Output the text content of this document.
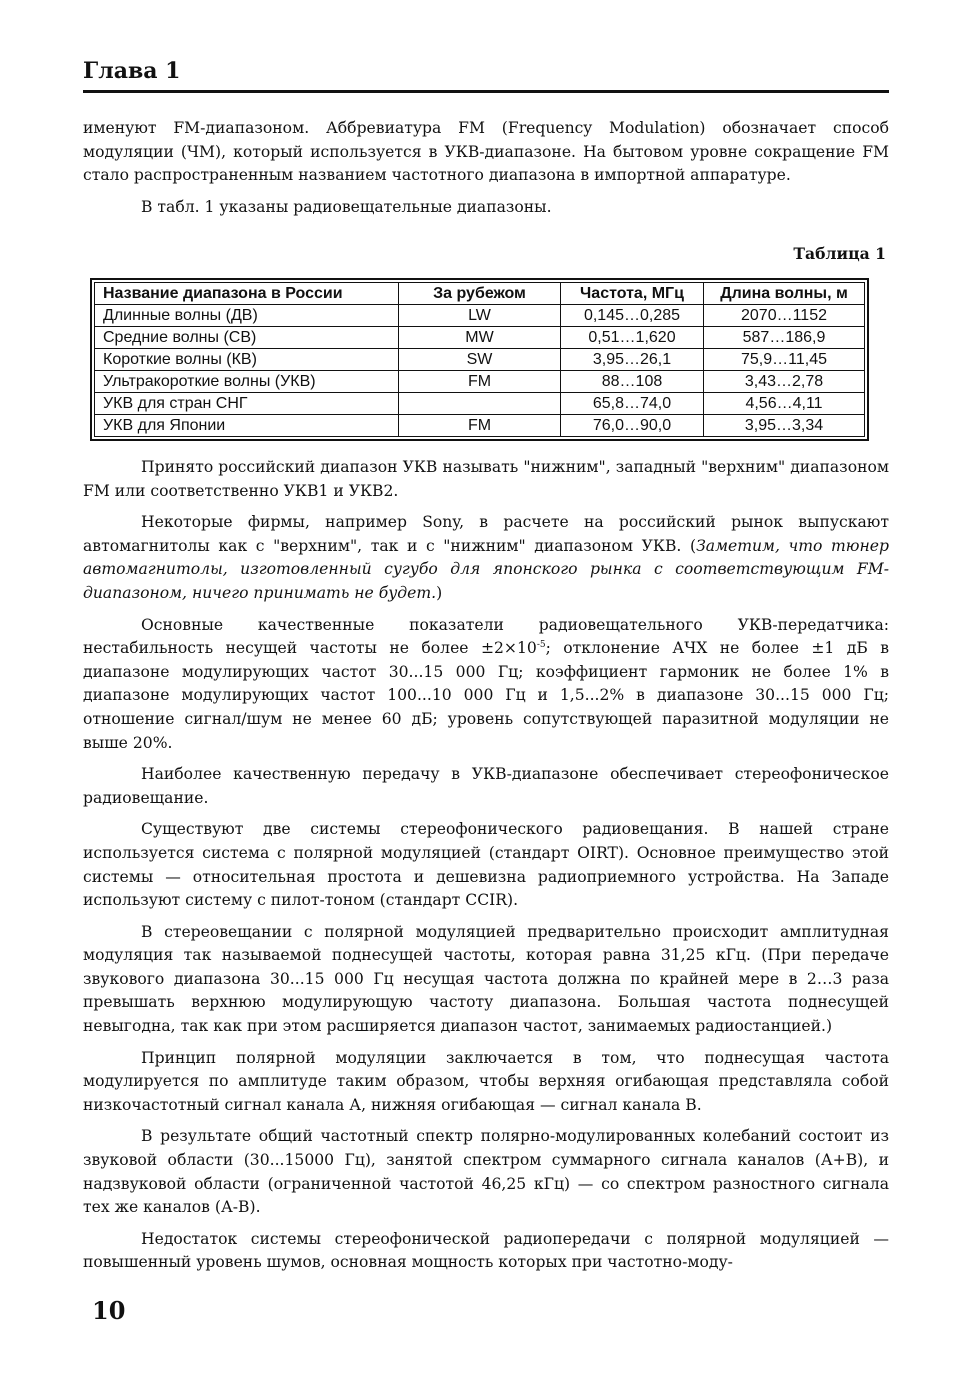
Глава 1

именуют FM-диапазоном. Аббревиатура FM (Frequency Modulation) обозначает способ модуляции (ЧМ), который используется в УКВ-диапазоне. На бытовом уровне сокращение FM стало распространенным названием частотного диапазона в импортной аппаратуре.

В табл. 1 указаны радиовещательные диапазоны.

Таблица 1
Название диапазона в России	За рубежом	Частота, МГц	Длина волны, м
Длинные волны (ДВ)	LW	0,145…0,285	2070…1152
Средние волны (СВ)	MW	0,51…1,620	587…186,9
Короткие волны (КВ)	SW	3,95…26,1	75,9…11,45
Ультракороткие волны (УКВ)	FM	88…108	3,43…2,78
УКВ для стран СНГ		65,8…74,0	4,56…4,11
УКВ для Японии	FM	76,0…90,0	3,95…3,34

Принято российский диапазон УКВ называть "нижним", западный "верхним" диапазоном FM или соответственно УКВ1 и УКВ2.

Некоторые фирмы, например Sony, в расчете на российский рынок выпускают автомагнитолы как с "верхним", так и с "нижним" диапазоном УКВ. (Заметим, что тюнер автомагнитолы, изготовленный сугубо для японского рынка с соответствующим FM-диапазоном, ничего принимать не будет.)

Основные качественные показатели радиовещательного УКВ-передатчика: нестабильность несущей частоты не более $\pm 2\times 10^{-5}$; отклонение АЧХ не более ±1 дБ в диапазоне модулирующих частот 30...15 000 Гц; коэффициент гармоник не более 1% в диапазоне модулирующих частот 100...10 000 Гц и 1,5...2% в диапазоне 30...15 000 Гц; отношение сигнал/шум не менее 60 дБ; уровень сопутствующей паразитной модуляции не выше 20%.

Наиболее качественную передачу в УКВ-диапазоне обеспечивает стереофоническое радиовещание.

Существуют две системы стереофонического радиовещания. В нашей стране используется система с полярной модуляцией (стандарт OIRT). Основное преимущество этой системы — относительная простота и дешевизна радиоприемного устройства. На Западе используют систему с пилот-тоном (стандарт CCIR).

В стереовещании с полярной модуляцией предварительно происходит амплитудная модуляция так называемой поднесущей частоты, которая равна 31,25 кГц. (При передаче звукового диапазона 30...15 000 Гц несущая частота должна по крайней мере в 2…3 раза превышать верхнюю модулирующую частоту диапазона. Большая частота поднесущей невыгодна, так как при этом расширяется диапазон частот, занимаемых радиостанцией.)

Принцип полярной модуляции заключается в том, что поднесущая частота модулируется по амплитуде таким образом, чтобы верхняя огибающая представляла собой низкочастотный сигнал канала А, нижняя огибающая — сигнал канала В.

В результате общий частотный спектр полярно-модулированных колебаний состоит из звуковой области (30...15000 Гц), занятой спектром суммарного сигнала каналов (А+В), и надзвуковой области (ограниченной частотой 46,25 кГц) — со спектром разностного сигнала тех же каналов (А-В).

Недостаток системы стереофонической радиопередачи с полярной модуляцией — повышенный уровень шумов, основная мощность которых при частотно-моду-

10
